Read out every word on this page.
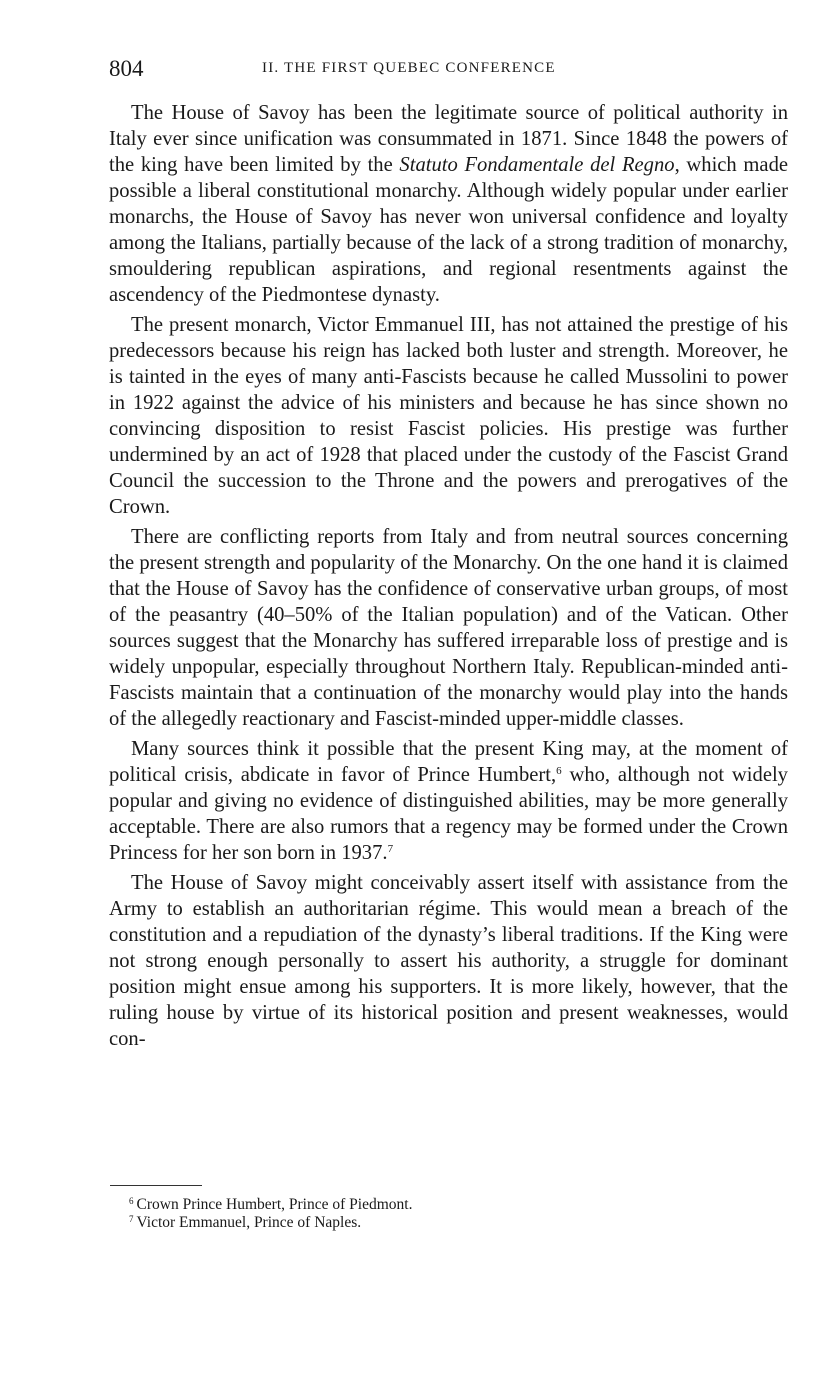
804	II. THE FIRST QUEBEC CONFERENCE

The House of Savoy has been the legitimate source of political authority in Italy ever since unification was consummated in 1871. Since 1848 the powers of the king have been limited by the Statuto Fondamentale del Regno, which made possible a liberal constitutional monarchy. Although widely popular under earlier monarchs, the House of Savoy has never won universal confidence and loyalty among the Italians, partially because of the lack of a strong tradition of monarchy, smouldering republican aspirations, and regional resentments against the ascendency of the Piedmontese dynasty.

The present monarch, Victor Emmanuel III, has not attained the prestige of his predecessors because his reign has lacked both luster and strength. Moreover, he is tainted in the eyes of many anti-Fascists because he called Mussolini to power in 1922 against the advice of his ministers and because he has since shown no convincing disposition to resist Fascist policies. His prestige was further undermined by an act of 1928 that placed under the custody of the Fascist Grand Council the succession to the Throne and the powers and prerogatives of the Crown.

There are conflicting reports from Italy and from neutral sources concerning the present strength and popularity of the Monarchy. On the one hand it is claimed that the House of Savoy has the confidence of conservative urban groups, of most of the peasantry (40–50% of the Italian population) and of the Vatican. Other sources suggest that the Monarchy has suffered irreparable loss of prestige and is widely unpopular, especially throughout Northern Italy. Republican-minded anti-Fascists maintain that a continuation of the monarchy would play into the hands of the allegedly reactionary and Fascist-minded upper-middle classes.

Many sources think it possible that the present King may, at the moment of political crisis, abdicate in favor of Prince Humbert,$^6$ who, although not widely popular and giving no evidence of distinguished abilities, may be more generally acceptable. There are also rumors that a regency may be formed under the Crown Princess for her son born in 1937.$^7$

The House of Savoy might conceivably assert itself with assistance from the Army to establish an authoritarian régime. This would mean a breach of the constitution and a repudiation of the dynasty’s liberal traditions. If the King were not strong enough personally to assert his authority, a struggle for dominant position might ensue among his supporters. It is more likely, however, that the ruling house by virtue of its historical position and present weaknesses, would con-

$^6$ Crown Prince Humbert, Prince of Piedmont.
$^7$ Victor Emmanuel, Prince of Naples.
